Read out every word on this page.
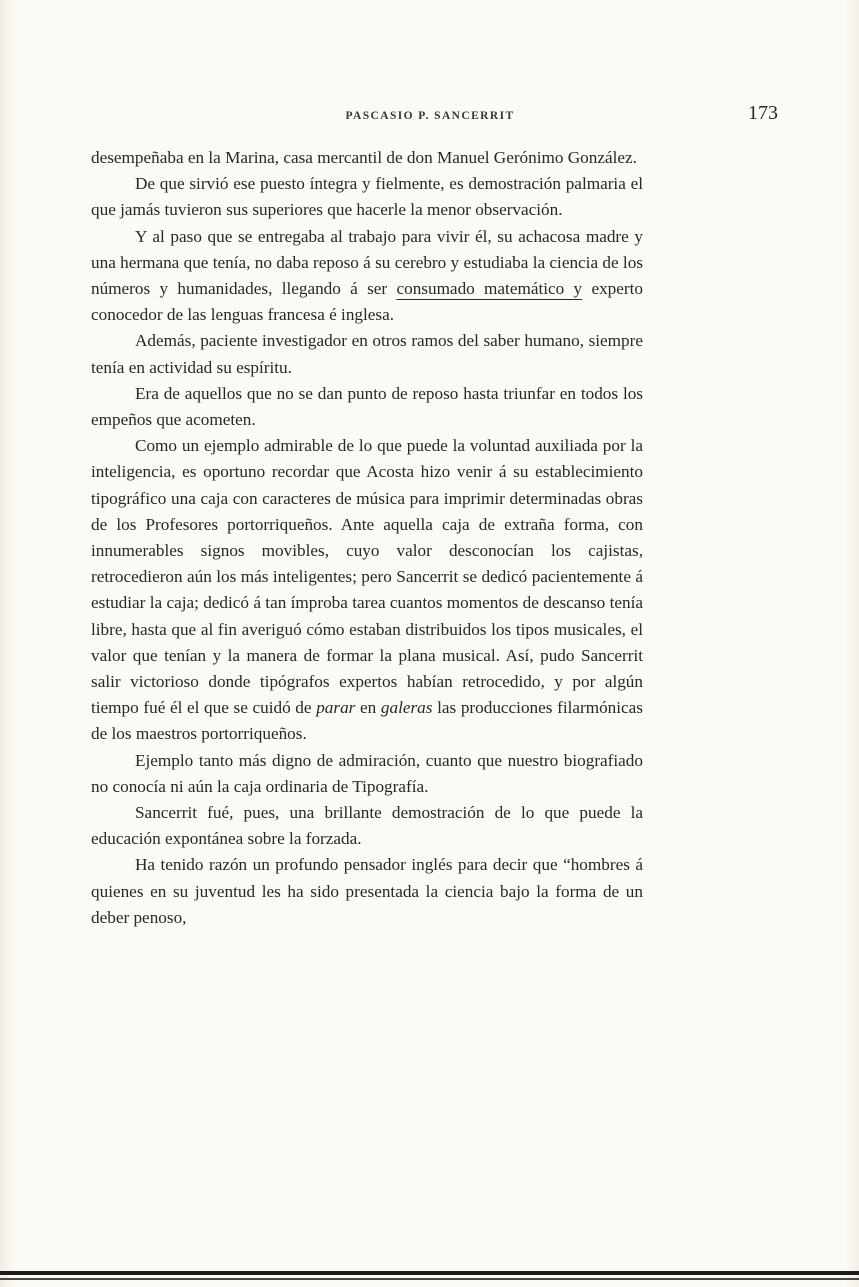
PASCASIO P. SANCERRIT	173

desempeñaba en la Marina, casa mercantil de don Manuel Gerónimo González.

De que sirvió ese puesto íntegra y fielmente, es demostración palmaria el que jamás tuvieron sus superiores que hacerle la menor observación.

Y al paso que se entregaba al trabajo para vivir él, su achacosa madre y una hermana que tenía, no daba reposo á su cerebro y estudiaba la ciencia de los números y humanidades, llegando á ser consumado matemático y experto conocedor de las lenguas francesa é inglesa.

Además, paciente investigador en otros ramos del saber humano, siempre tenía en actividad su espíritu.

Era de aquellos que no se dan punto de reposo hasta triunfar en todos los empeños que acometen.

Como un ejemplo admirable de lo que puede la voluntad auxiliada por la inteligencia, es oportuno recordar que Acosta hizo venir á su establecimiento tipográfico una caja con caracteres de música para imprimir determinadas obras de los Profesores portorriqueños. Ante aquella caja de extraña forma, con innumerables signos movibles, cuyo valor desconocían los cajistas, retrocedieron aún los más inteligentes; pero Sancerrit se dedicó pacientemente á estudiar la caja; dedicó á tan ímproba tarea cuantos momentos de descanso tenía libre, hasta que al fin averiguó cómo estaban distribuidos los tipos musicales, el valor que tenían y la manera de formar la plana musical. Así, pudo Sancerrit salir victorioso donde tipógrafos expertos habían retrocedido, y por algún tiempo fué él el que se cuidó de parar en galeras las producciones filarmónicas de los maestros portorriqueños.

Ejemplo tanto más digno de admiración, cuanto que nuestro biografiado no conocía ni aún la caja ordinaria de Tipografía.

Sancerrit fué, pues, una brillante demostración de lo que puede la educación expontánea sobre la forzada.

Ha tenido razón un profundo pensador inglés para decir que “hombres á quienes en su juventud les ha sido presentada la ciencia bajo la forma de un deber penoso,
